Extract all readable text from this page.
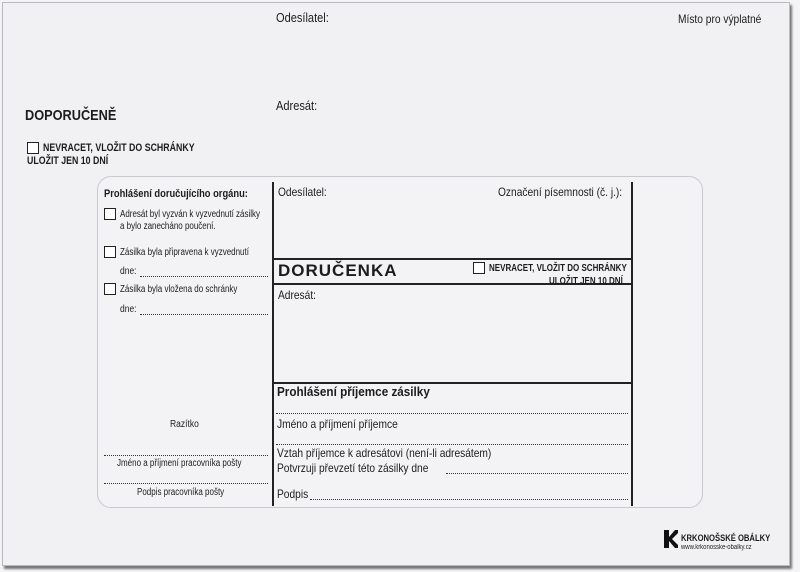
Odesílatel:	Místo pro výplatné
Adresát:
DOPORUČENĚ
NEVRACET, VLOŽIT DO SCHRÁNKY
ULOŽIT JEN 10 DNÍ
Prohlášení doručujícího orgánu:
Adresát byl vyzván k vyzvednutí zásilky
a bylo zanecháno poučení.
Zásilka byla připravena k vyzvednutí
dne:
Zásilka byla vložena do schránky
dne:
Razítko
Jméno a příjmení pracovníka pošty
Podpis pracovníka pošty
Odesílatel:	Označení písemnosti (č. j.):
DORUČENKA	NEVRACET, VLOŽIT DO SCHRÁNKY
ULOŽIT JEN 10 DNÍ
Adresát:
Prohlášení příjemce zásilky
Jméno a příjmení příjemce
Vztah příjemce k adresátovi (není-li adresátem)
Potvrzuji převzetí této zásilky dne
Podpis
KRKONOŠSKÉ OBÁLKY
www.krkonosske-obalky.cz
